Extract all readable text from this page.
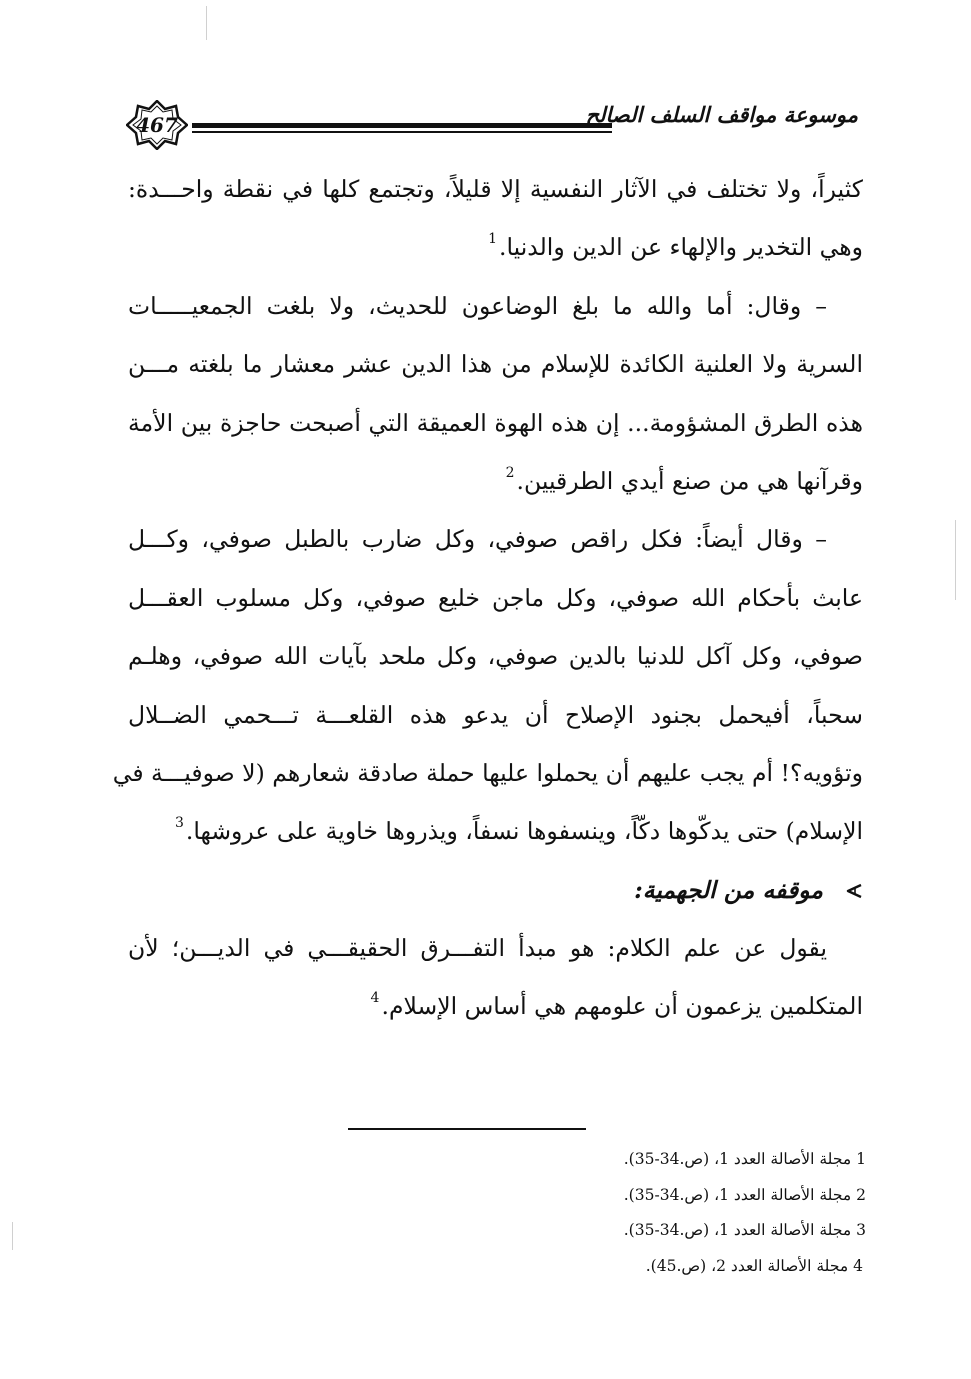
467	موسوعة مواقف السلف الصالح
كثيراً، ولا تختلف في الآثار النفسية إلا قليلاً، وتجتمع كلها في نقطة واحـــدة:
وهي التخدير والإلهاء عن الدين والدنيا.$^1$
– وقال: أما والله ما بلغ الوضاعون للحديث، ولا بلغت الجمعيـــــات
السرية ولا العلنية الكائدة للإسلام من هذا الدين عشر معشار ما بلغته مـــن
هذه الطرق المشؤومة... إن هذه الهوة العميقة التي أصبحت حاجزة بين الأمة
وقرآنها هي من صنع أيدي الطرقيين.$^2$
– وقال أيضاً: فكل راقص صوفي، وكل ضارب بالطبل صوفي، وكـــل
عابث بأحكام الله صوفي، وكل ماجن خليع صوفي، وكل مسلوب العقـــل
صوفي، وكل آكل للدنيا بالدين صوفي، وكل ملحد بآيات الله صوفي، وهلـم
سحباً، أفيحمل بجنود الإصلاح أن يدعو هذه القلعـــة تـــحمي الضــلال
وتؤويه؟! أم يجب عليهم أن يحملوا عليها حملة صادقة شعارهم (لا صوفيـــة في
الإسلام) حتى يدكّوها دكّاً، وينسفوها نسفاً، ويذروها خاوية على عروشها.$^3$
موقفه من الجهمية:
يقول عن علم الكلام: هو مبدأ التفـــرق الحقيقـــي في الديـــن؛ لأن
المتكلمين يزعمون أن علومهم هي أساس الإسلام.$^4$
1مجلة الأصالة العدد 1، (ص.34-35).
2مجلة الأصالة العدد 1، (ص.34-35).
3مجلة الأصالة العدد 1، (ص.34-35).
4مجلة الأصالة العدد 2، (ص.45).
